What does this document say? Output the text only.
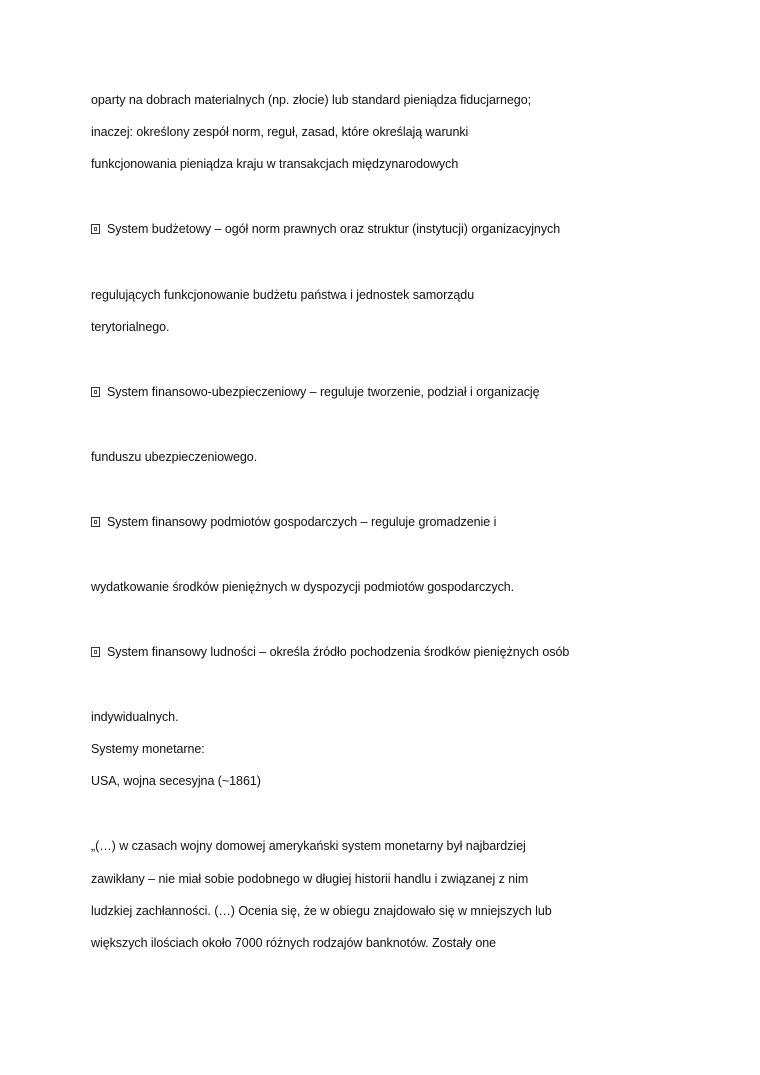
oparty na dobrach materialnych (np. złocie) lub standard pieniądza fiducjarnego;
inaczej: określony zespół norm, reguł, zasad, które określają warunki
funkcjonowania pieniądza kraju w transakcjach międzynarodowych
System budżetowy – ogół norm prawnych oraz struktur (instytucji) organizacyjnych
regulujących funkcjonowanie budżetu państwa i jednostek samorządu
terytorialnego.
System finansowo-ubezpieczeniowy – reguluje tworzenie, podział i organizację
funduszu ubezpieczeniowego.
System finansowy podmiotów gospodarczych – reguluje gromadzenie i
wydatkowanie środków pieniężnych w dyspozycji podmiotów gospodarczych.
System finansowy ludności – określa źródło pochodzenia środków pieniężnych osób
indywidualnych.
Systemy monetarne:
USA, wojna secesyjna (~1861)
„(…) w czasach wojny domowej amerykański system monetarny był najbardziej
zawikłany – nie miał sobie podobnego w długiej historii handlu i związanej z nim
ludzkiej zachłanności. (…) Ocenia się, że w obiegu znajdowało się w mniejszych lub
większych ilościach około 7000 różnych rodzajów banknotów. Zostały one
